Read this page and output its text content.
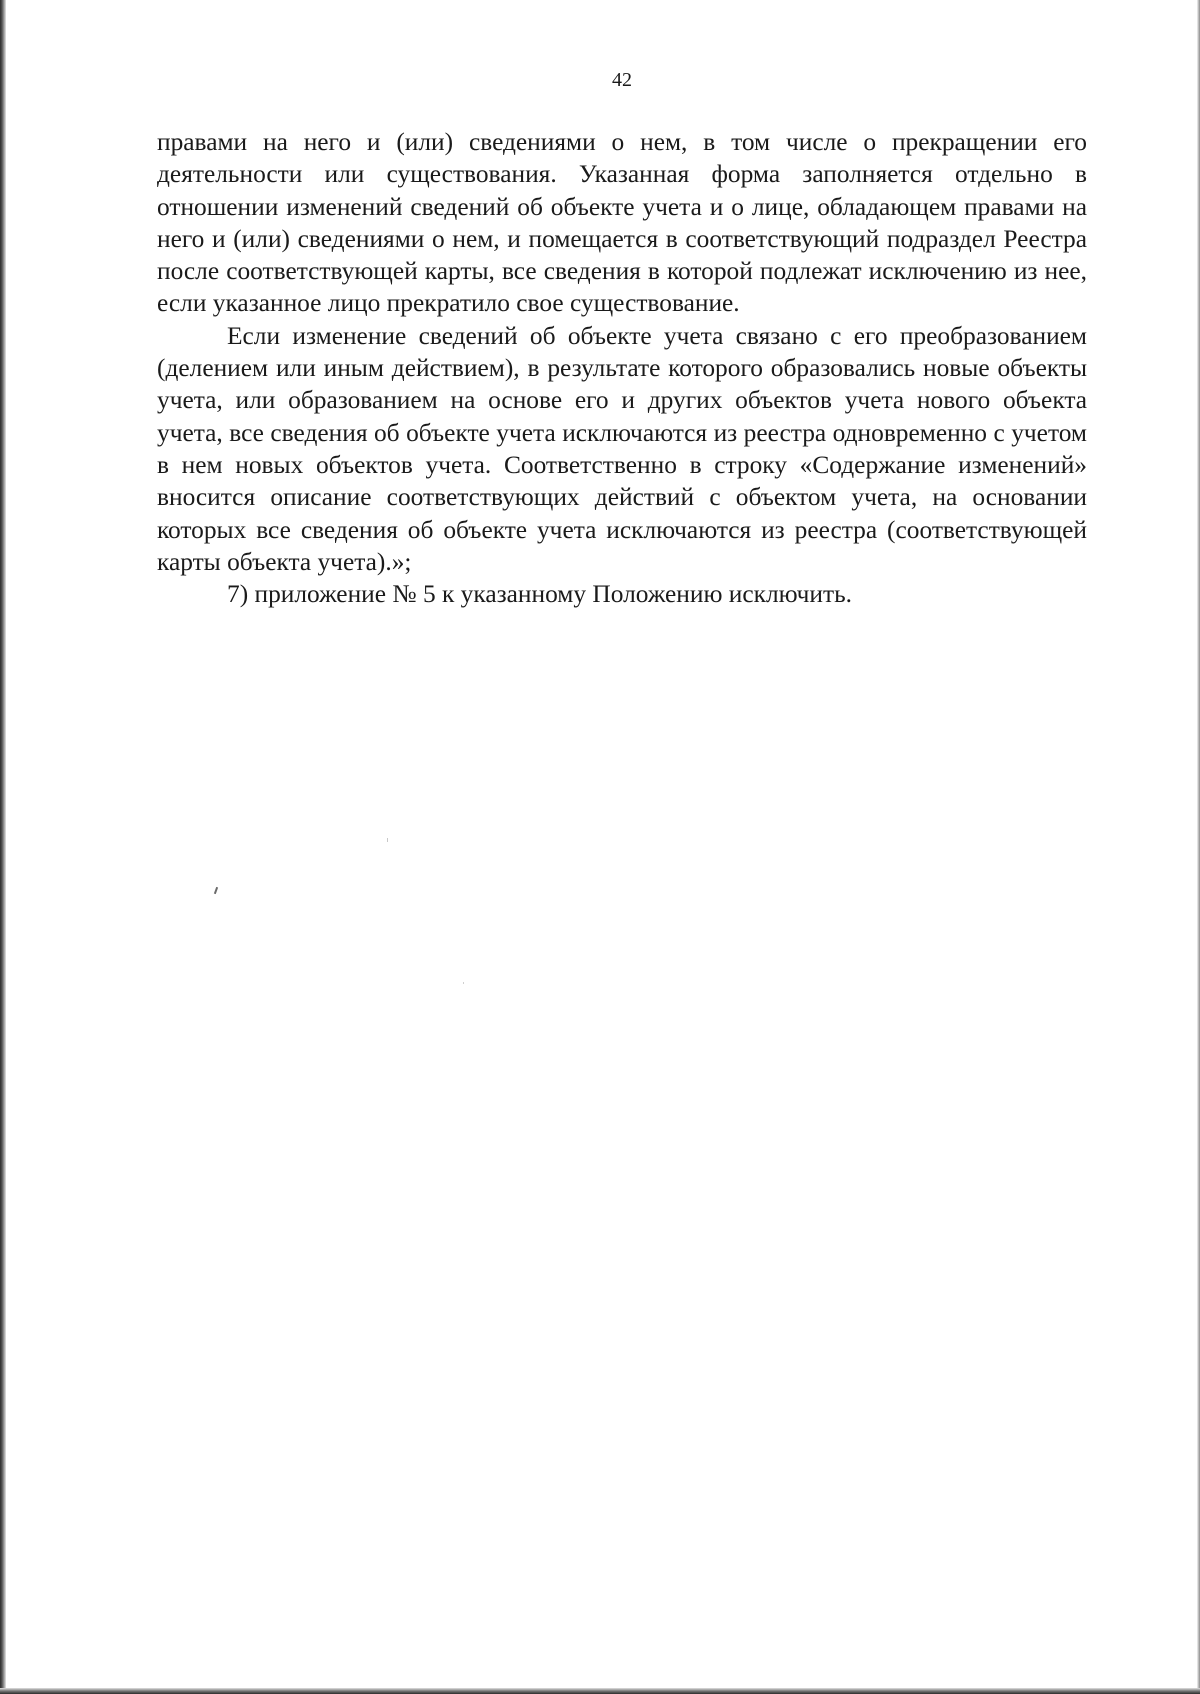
42

правами на него и (или) сведениями о нем, в том числе о прекращении его деятельности или существования. Указанная форма заполняется отдельно в отношении изменений сведений об объекте учета и о лице, обладающем правами на него и (или) сведениями о нем, и помещается в соответствующий подраздел Реестра после соответствующей карты, все сведения в которой подлежат исключению из нее, если указанное лицо прекратило свое существование.

Если изменение сведений об объекте учета связано с его преобразованием (делением или иным действием), в результате которого образовались новые объекты учета, или образованием на основе его и других объектов учета нового объекта учета, все сведения об объекте учета исключаются из реестра одновременно с учетом в нем новых объектов учета. Соответственно в строку «Содержание изменений» вносится описание соответствующих действий с объектом учета, на основании которых все сведения об объекте учета исключаются из реестра (соответствующей карты объекта учета).»;

7) приложение № 5 к указанному Положению исключить.
